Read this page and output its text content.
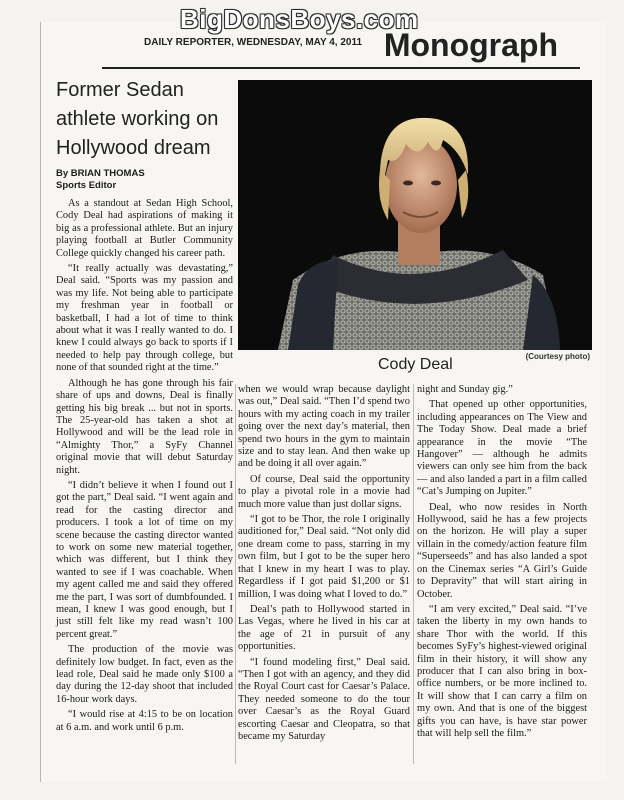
BigDonsBoys.com
DAILY REPORTER, WEDNESDAY, MAY 4, 2011 Monograph
Former Sedan athlete working on Hollywood dream
By BRIAN THOMAS
Sports Editor
Cody Deal	(Courtesy photo)

As a standout at Sedan High School, Cody Deal had aspirations of making it big as a professional athlete. But an injury playing football at Butler Community College quickly changed his career path.

“It really actually was devastating,” Deal said. “Sports was my passion and was my life. Not being able to participate my freshman year in football or basketball, I had a lot of time to think about what it was I really wanted to do. I knew I could always go back to sports if I needed to help pay through college, but none of that sounded right at the time.”

Although he has gone through his fair share of ups and downs, Deal is finally getting his big break ... but not in sports. The 25-year-old has taken a shot at Hollywood and will be the lead role in “Almighty Thor,” a SyFy Channel original movie that will debut Saturday night.

“I didn’t believe it when I found out I got the part,” Deal said. “I went again and read for the casting director and producers. I took a lot of time on my scene because the casting director wanted to work on some new material together, which was different, but I think they wanted to see if I was coachable. When my agent called me and said they offered me the part, I was sort of dumbfounded. I mean, I knew I was good enough, but I just still felt like my read wasn’t 100 percent great.”

The production of the movie was definitely low budget. In fact, even as the lead role, Deal said he made only $100 a day during the 12-day shoot that included 16-hour work days.

“I would rise at 4:15 to be on location at 6 a.m. and work until 6 p.m.

when we would wrap because daylight was out,” Deal said. “Then I’d spend two hours with my acting coach in my trailer going over the next day’s material, then spend two hours in the gym to maintain size and to stay lean. And then wake up and be doing it all over again.”

Of course, Deal said the opportunity to play a pivotal role in a movie had much more value than just dollar signs.

“I got to be Thor, the role I originally auditioned for,” Deal said. “Not only did one dream come to pass, starring in my own film, but I got to be the super hero that I knew in my heart I was to play. Regardless if I got paid $1,200 or $1 million, I was doing what I loved to do.”

Deal’s path to Hollywood started in Las Vegas, where he lived in his car at the age of 21 in pursuit of any opportunities.

“I found modeling first,” Deal said. “Then I got with an agency, and they did the Royal Court cast for Caesar’s Palace. They needed someone to do the tour over Caesar’s as the Royal Guard escorting Caesar and Cleopatra, so that became my Saturday

night and Sunday gig.”

That opened up other opportunities, including appearances on The View and The Today Show. Deal made a brief appearance in the movie “The Hangover” — although he admits viewers can only see him from the back — and also landed a part in a film called “Cat’s Jumping on Jupiter.”

Deal, who now resides in North Hollywood, said he has a few projects on the horizon. He will play a super villain in the comedy/action feature film “Superseeds” and has also landed a spot on the Cinemax series “A Girl’s Guide to Depravity” that will start airing in October.

“I am very excited,” Deal said. “I’ve taken the liberty in my own hands to share Thor with the world. If this becomes SyFy’s highest-viewed original film in their history, it will show any producer that I can also bring in box-office numbers, or be more inclined to. It will show that I can carry a film on my own. And that is one of the biggest gifts you can have, is have star power that will help sell the film.”
